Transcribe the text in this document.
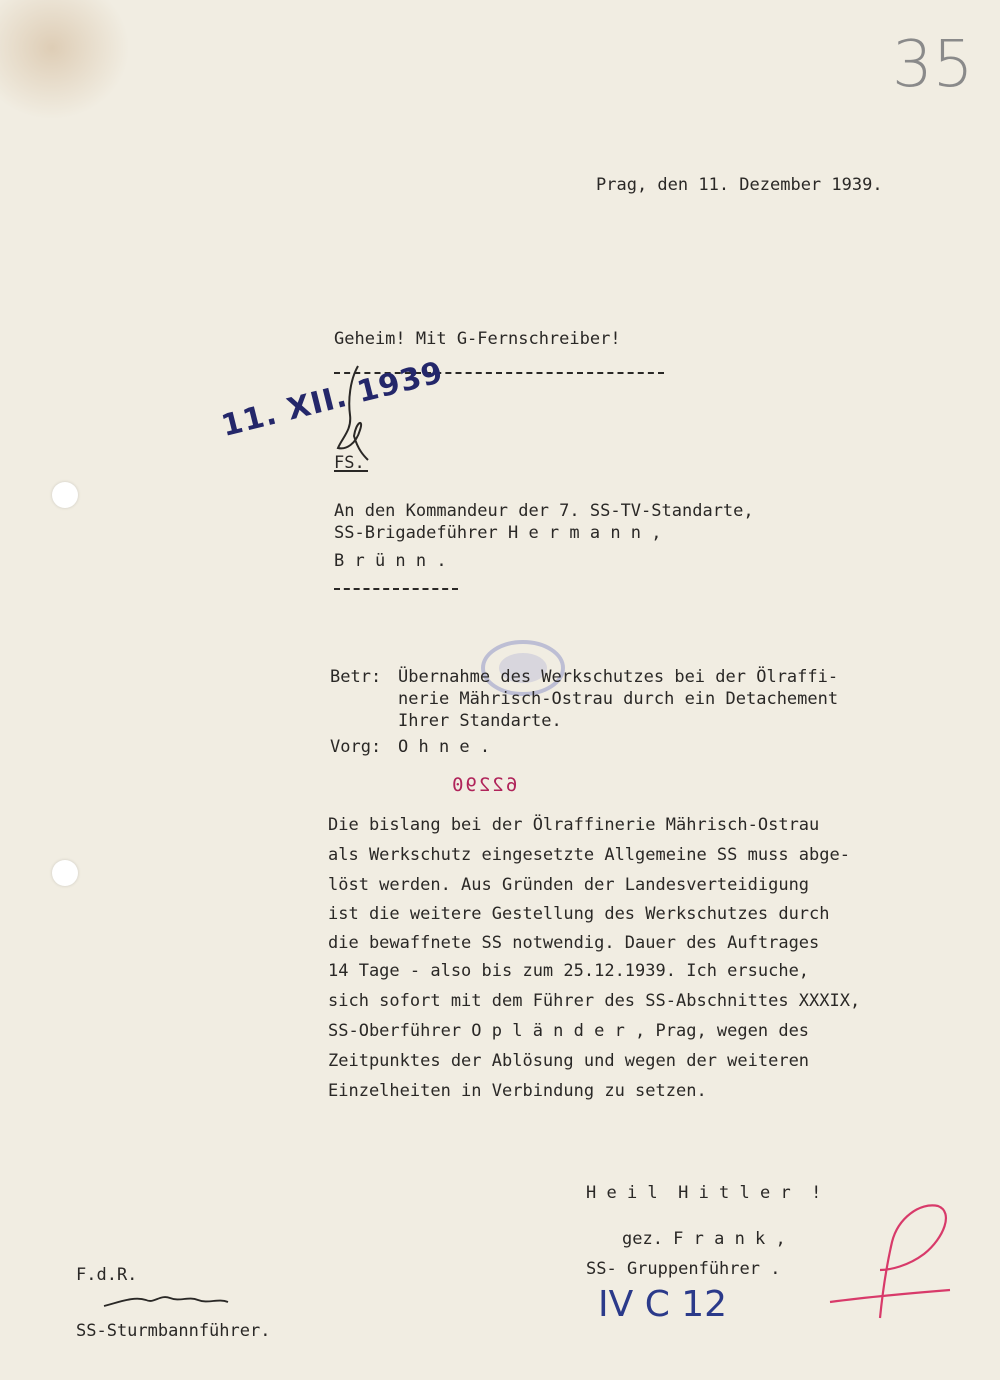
35
Prag, den 11. Dezember 1939.
Geheim! Mit G-Fernschreiber!
11. XII. 1939
FS.
An den Kommandeur der 7. SS-TV-Standarte,
SS-Brigadeführer H e r m a n n ,
B r ü n n .
Betr: Übernahme des Werkschutzes bei der Ölraffi-
nerie Mährisch-Ostrau durch ein Detachement
Ihrer Standarte.
Vorg: O h n e .
62290
Die bislang bei der Ölraffinerie Mährisch-Ostrau
als Werkschutz eingesetzte Allgemeine SS muss abge-
löst werden. Aus Gründen der Landesverteidigung
ist die weitere Gestellung des Werkschutzes durch
die bewaffnete SS notwendig. Dauer des Auftrages
14 Tage - also bis zum 25.12.1939. Ich ersuche,
sich sofort mit dem Führer des SS-Abschnittes XXXIX,
SS-Oberführer O p l ä n d e r , Prag, wegen des
Zeitpunktes der Ablösung und wegen der weiteren
Einzelheiten in Verbindung zu setzen.
H e i l  H i t l e r  !
gez. F r a n k ,
SS- Gruppenführer .
IV C 12
F.d.R.
SS-Sturmbannführer.
